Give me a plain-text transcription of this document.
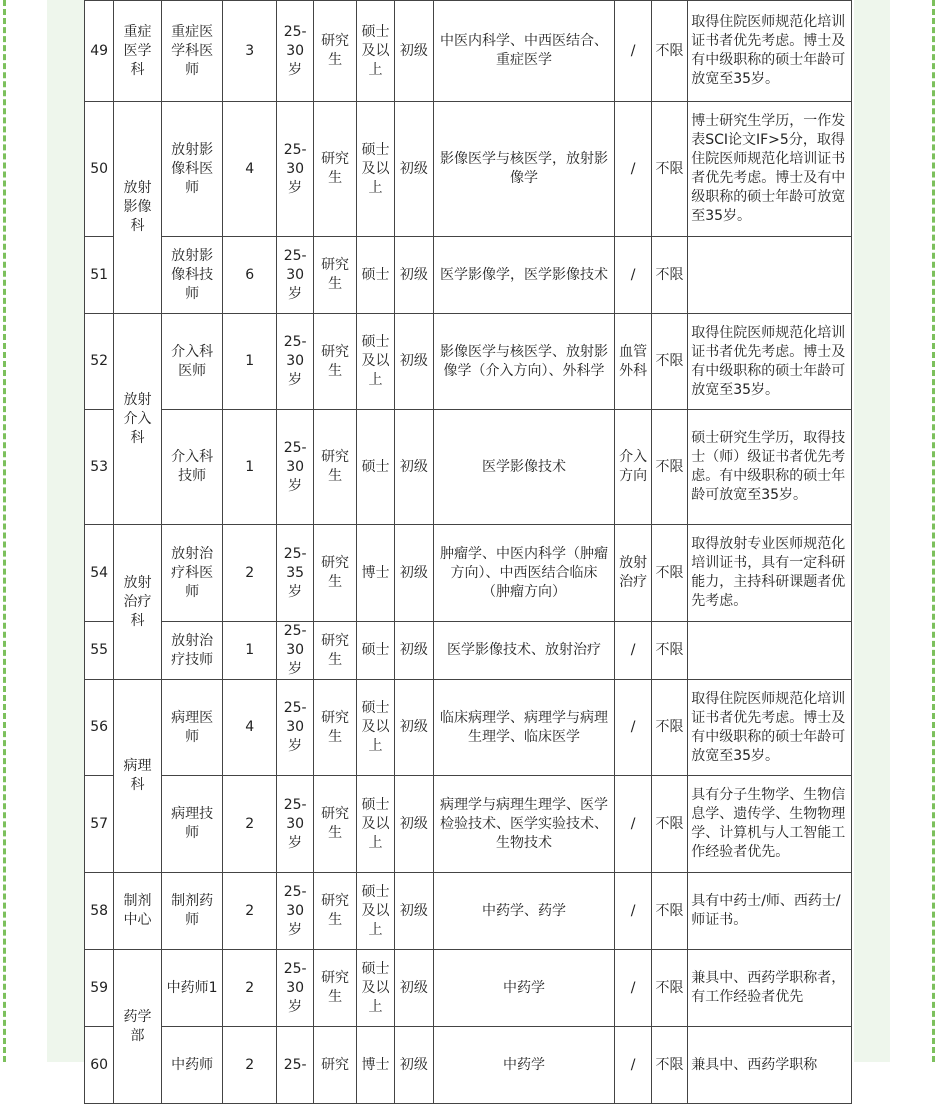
49	重症医学科	重症医学科医师	3	25-30岁	研究生	硕士及以上	初级	中医内科学、中西医结合、重症医学	/	不限	取得住院医师规范化培训证书者优先考虑。博士及有中级职称的硕士年龄可放宽至35岁。
50	放射影像科	放射影像科医师	4	25-30岁	研究生	硕士及以上	初级	影像医学与核医学，放射影像学	/	不限	博士研究生学历，一作发表SCI论文IF>5分，取得住院医师规范化培训证书者优先考虑。博士及有中级职称的硕士年龄可放宽至35岁。
51		放射影像科技师	6	25-30岁	研究生	硕士	初级	医学影像学，医学影像技术	/	不限	
52	放射介入科	介入科医师	1	25-30岁	研究生	硕士及以上	初级	影像医学与核医学、放射影像学（介入方向）、外科学	血管外科	不限	取得住院医师规范化培训证书者优先考虑。博士及有中级职称的硕士年龄可放宽至35岁。
53		介入科技师	1	25-30岁	研究生	硕士	初级	医学影像技术	介入方向	不限	硕士研究生学历，取得技士（师）级证书者优先考虑。有中级职称的硕士年龄可放宽至35岁。
54	放射治疗科	放射治疗科医师	2	25-35岁	研究生	博士	初级	肿瘤学、中医内科学（肿瘤方向）、中西医结合临床（肿瘤方向）	放射治疗	不限	取得放射专业医师规范化培训证书，具有一定科研能力，主持科研课题者优先考虑。
55		放射治疗技师	1	25-30岁	研究生	硕士	初级	医学影像技术、放射治疗	/	不限	
56	病理科	病理医师	4	25-30岁	研究生	硕士及以上	初级	临床病理学、病理学与病理生理学、临床医学	/	不限	取得住院医师规范化培训证书者优先考虑。博士及有中级职称的硕士年龄可放宽至35岁。
57		病理技师	2	25-30岁	研究生	硕士及以上	初级	病理学与病理生理学、医学检验技术、医学实验技术、生物技术	/	不限	具有分子生物学、生物信息学、遗传学、生物物理学、计算机与人工智能工作经验者优先。
58	制剂中心	制剂药师	2	25-30岁	研究生	硕士及以上	初级	中药学、药学	/	不限	具有中药士/师、西药士/师证书。
59	药学部	中药师1	2	25-30岁	研究生	硕士及以上	初级	中药学	/	不限	兼具中、西药学职称者，有工作经验者优先
60		中药师	2	25-	研究	博士	初级	中药学	/	不限	兼具中、西药学职称
